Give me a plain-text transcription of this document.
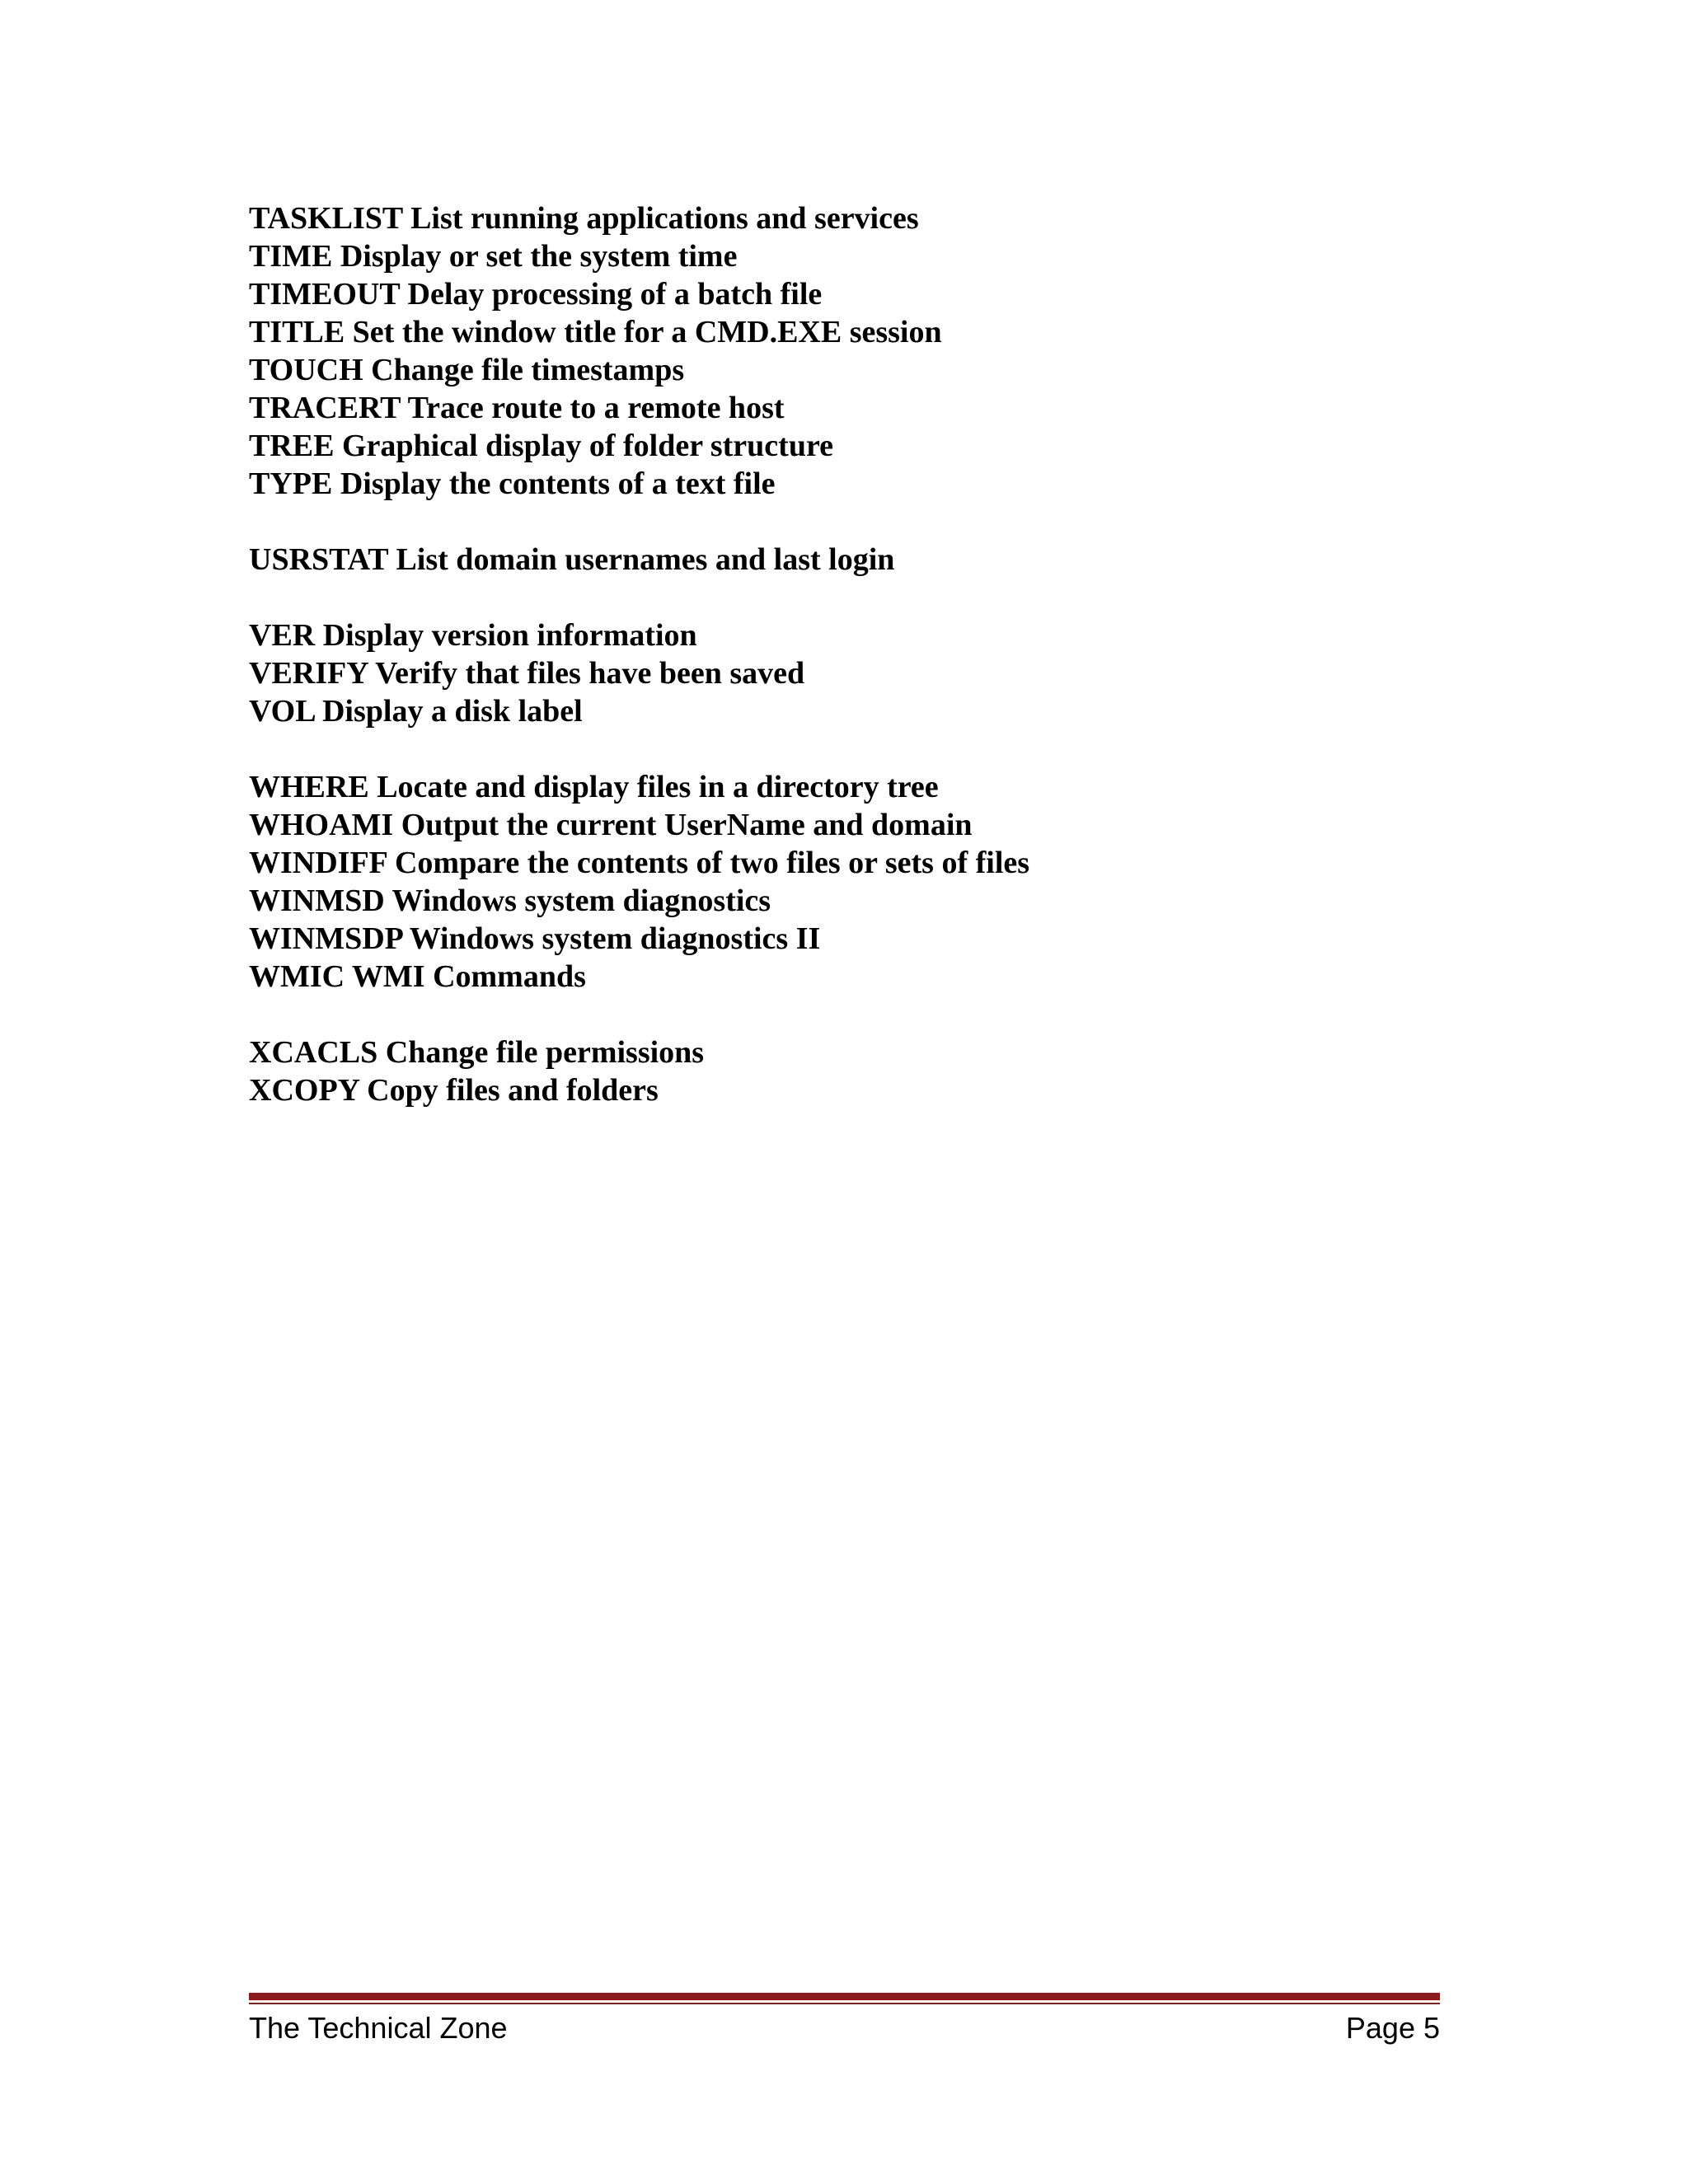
TASKLIST List running applications and services
TIME Display or set the system time
TIMEOUT Delay processing of a batch file
TITLE Set the window title for a CMD.EXE session
TOUCH Change file timestamps
TRACERT Trace route to a remote host
TREE Graphical display of folder structure
TYPE Display the contents of a text file
USRSTAT List domain usernames and last login
VER Display version information
VERIFY Verify that files have been saved
VOL Display a disk label
WHERE Locate and display files in a directory tree
WHOAMI Output the current UserName and domain
WINDIFF Compare the contents of two files or sets of files
WINMSD Windows system diagnostics
WINMSDP Windows system diagnostics II
WMIC WMI Commands
XCACLS Change file permissions
XCOPY Copy files and folders
The Technical Zone	Page 5
